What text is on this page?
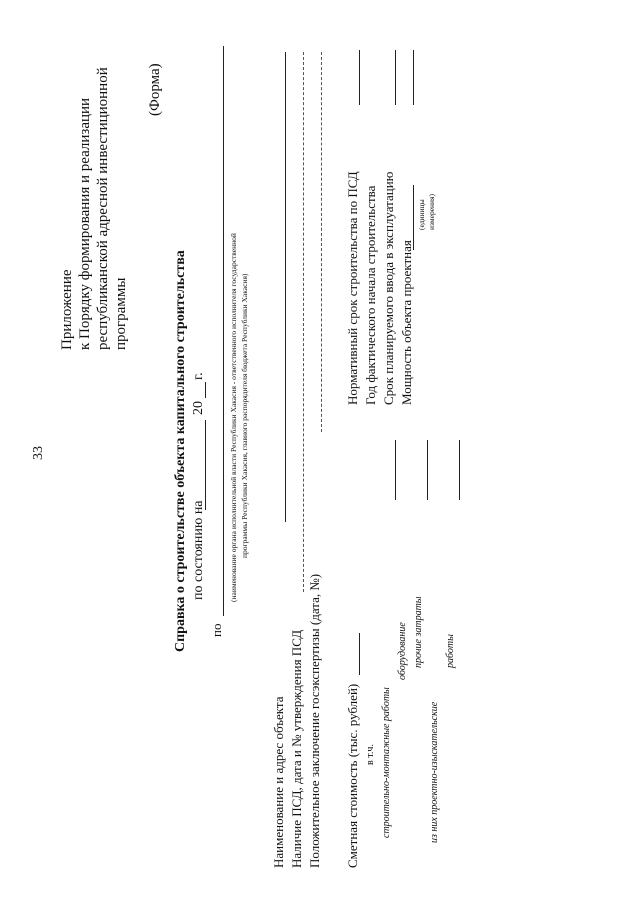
33
Приложение к Порядку формирования и реализации республиканской адресной инвестиционной программы
(Форма)
Справка о строительстве объекта капитального строительства по состоянию на
20
г.
по
(наименование органа исполнительной власти Республики Хакасия - ответственного исполнителя государственной программы Республики Хакасия, главного распорядителя бюджета Республики Хакасия)
Наименование и адрес объекта Наличие ПСД, дата и № утверждения ПСД Положительное заключение госэкспертизы (дата, №)
Нормативный срок строительства по ПСД Год фактического начала строительства Срок планируемого ввода в эксплуатацию Мощность объекта проектная
(единицы измерения)
Сметная стоимость (тыс. рублей) в т.ч. строительно-монтажные работы
оборудование прочие затраты
из них проектно-изыскательские
работы
